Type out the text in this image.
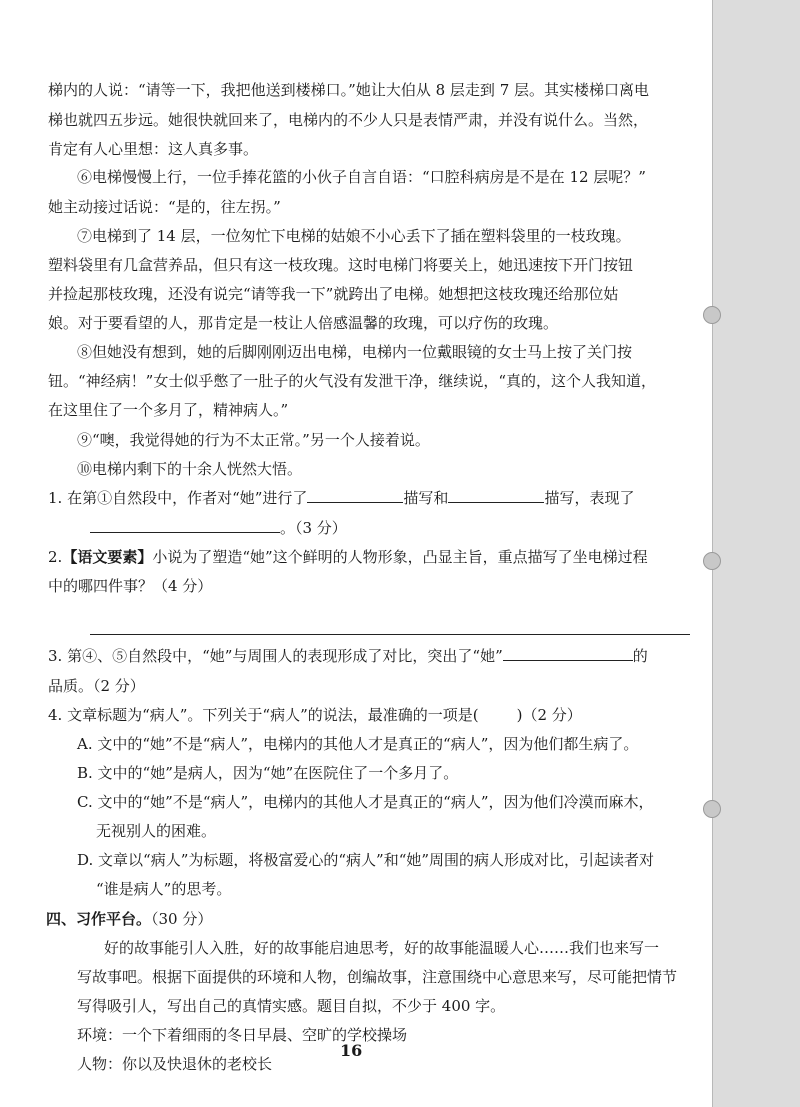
梯内的人说：“请等一下，我把他送到楼梯口。”她让大伯从 8 层走到 7 层。其实楼梯口离电
梯也就四五步远。她很快就回来了，电梯内的不少人只是表情严肃，并没有说什么。当然，
肯定有人心里想：这人真多事。
⑥电梯慢慢上行，一位手捧花篮的小伙子自言自语：“口腔科病房是不是在 12 层呢？”
她主动接过话说：“是的，往左拐。”
⑦电梯到了 14 层，一位匆忙下电梯的姑娘不小心丢下了插在塑料袋里的一枝玫瑰。
塑料袋里有几盒营养品，但只有这一枝玫瑰。这时电梯门将要关上，她迅速按下开门按钮
并捡起那枝玫瑰，还没有说完“请等我一下”就跨出了电梯。她想把这枝玫瑰还给那位姑
娘。对于要看望的人，那肯定是一枝让人倍感温馨的玫瑰，可以疗伤的玫瑰。
⑧但她没有想到，她的后脚刚刚迈出电梯，电梯内一位戴眼镜的女士马上按了关门按
钮。“神经病！”女士似乎憋了一肚子的火气没有发泄干净，继续说，“真的，这个人我知道，
在这里住了一个多月了，精神病人。”
⑨“噢，我觉得她的行为不太正常。”另一个人接着说。
⑩电梯内剩下的十余人恍然大悟。
1. 在第①自然段中，作者对“她”进行了	描写和	描写，表现了
。（3 分）
2.【语文要素】小说为了塑造“她”这个鲜明的人物形象，凸显主旨，重点描写了坐电梯过程
中的哪四件事？（4 分）
3. 第④、⑤自然段中，“她”与周围人的表现形成了对比，突出了“她”	的
品质。（2 分）
4. 文章标题为“病人”。下列关于“病人”的说法，最准确的一项是(	)（2 分）
A. 文中的“她”不是“病人”，电梯内的其他人才是真正的“病人”，因为他们都生病了。
B. 文中的“她”是病人，因为“她”在医院住了一个多月了。
C. 文中的“她”不是“病人”，电梯内的其他人才是真正的“病人”，因为他们冷漠而麻木，
无视别人的困难。
D. 文章以“病人”为标题，将极富爱心的“病人”和“她”周围的病人形成对比，引起读者对
“谁是病人”的思考。
四、习作平台。（30 分）
好的故事能引人入胜，好的故事能启迪思考，好的故事能温暖人心……我们也来写一
写故事吧。根据下面提供的环境和人物，创编故事，注意围绕中心意思来写，尽可能把情节
写得吸引人，写出自己的真情实感。题目自拟，不少于 400 字。
环境：一个下着细雨的冬日早晨、空旷的学校操场
人物：你以及快退休的老校长
16
